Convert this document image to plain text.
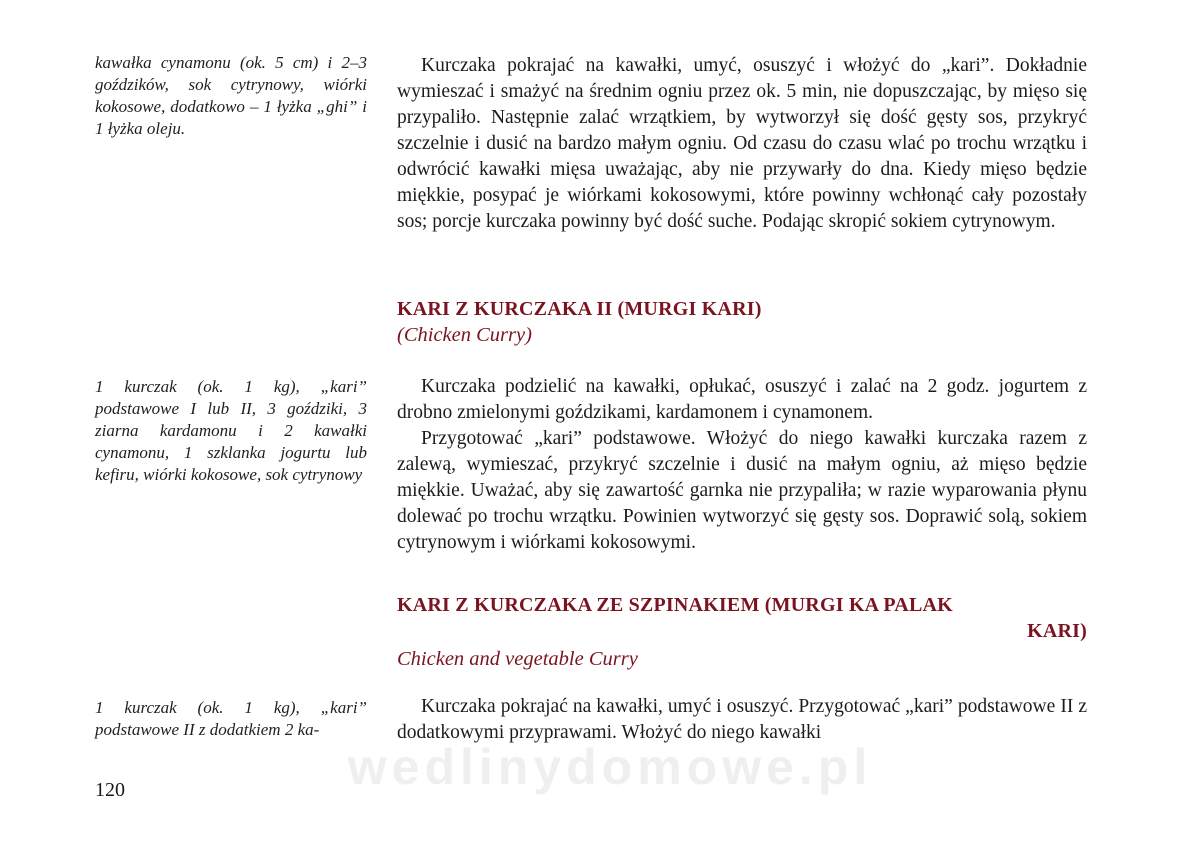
kawałka cynamonu (ok. 5 cm) i 2–3 goździków, sok cytrynowy, wiórki kokosowe, dodatkowo – 1 łyżka „ghi” i 1 łyżka oleju.

Kurczaka pokrajać na kawałki, umyć, osuszyć i włożyć do „kari”. Dokładnie wymieszać i smażyć na średnim ogniu przez ok. 5 min, nie dopuszczając, by mięso się przypaliło. Następnie zalać wrzątkiem, by wytworzył się dość gęsty sos, przykryć szczelnie i dusić na bardzo małym ogniu. Od czasu do czasu wlać po trochu wrzątku i odwrócić kawałki mięsa uważając, aby nie przywarły do dna. Kiedy mięso będzie miękkie, posypać je wiórkami kokosowymi, które powinny wchłonąć cały pozostały sos; porcje kurczaka powinny być dość suche. Podając skropić sokiem cytrynowym.

KARI Z KURCZAKA II (MURGI KARI)

(Chicken Curry)

1 kurczak (ok. 1 kg), „kari” podstawowe I lub II, 3 goździki, 3 ziarna kardamonu i 2 kawałki cynamonu, 1 szklanka jogurtu lub kefiru, wiórki kokosowe, sok cytrynowy

Kurczaka podzielić na kawałki, opłukać, osuszyć i zalać na 2 godz. jogurtem z drobno zmielonymi goździkami, kardamonem i cynamonem.

Przygotować „kari” podstawowe. Włożyć do niego kawałki kurczaka razem z zalewą, wymieszać, przykryć szczelnie i dusić na małym ogniu, aż mięso będzie miękkie. Uważać, aby się zawartość garnka nie przypaliła; w razie wyparowania płynu dolewać po trochu wrzątku. Powinien wytworzyć się gęsty sos. Doprawić solą, sokiem cytrynowym i wiórkami kokosowymi.

KARI Z KURCZAKA ZE SZPINAKIEM (MURGI KA PALAK

KARI)

Chicken and vegetable Curry

1 kurczak (ok. 1 kg), „kari” podstawowe II z dodatkiem 2 ka-

Kurczaka pokrajać na kawałki, umyć i osuszyć. Przygotować „kari” podstawowe II z dodatkowymi przyprawami. Włożyć do niego kawałki

wedlinydomowe.pl
120
